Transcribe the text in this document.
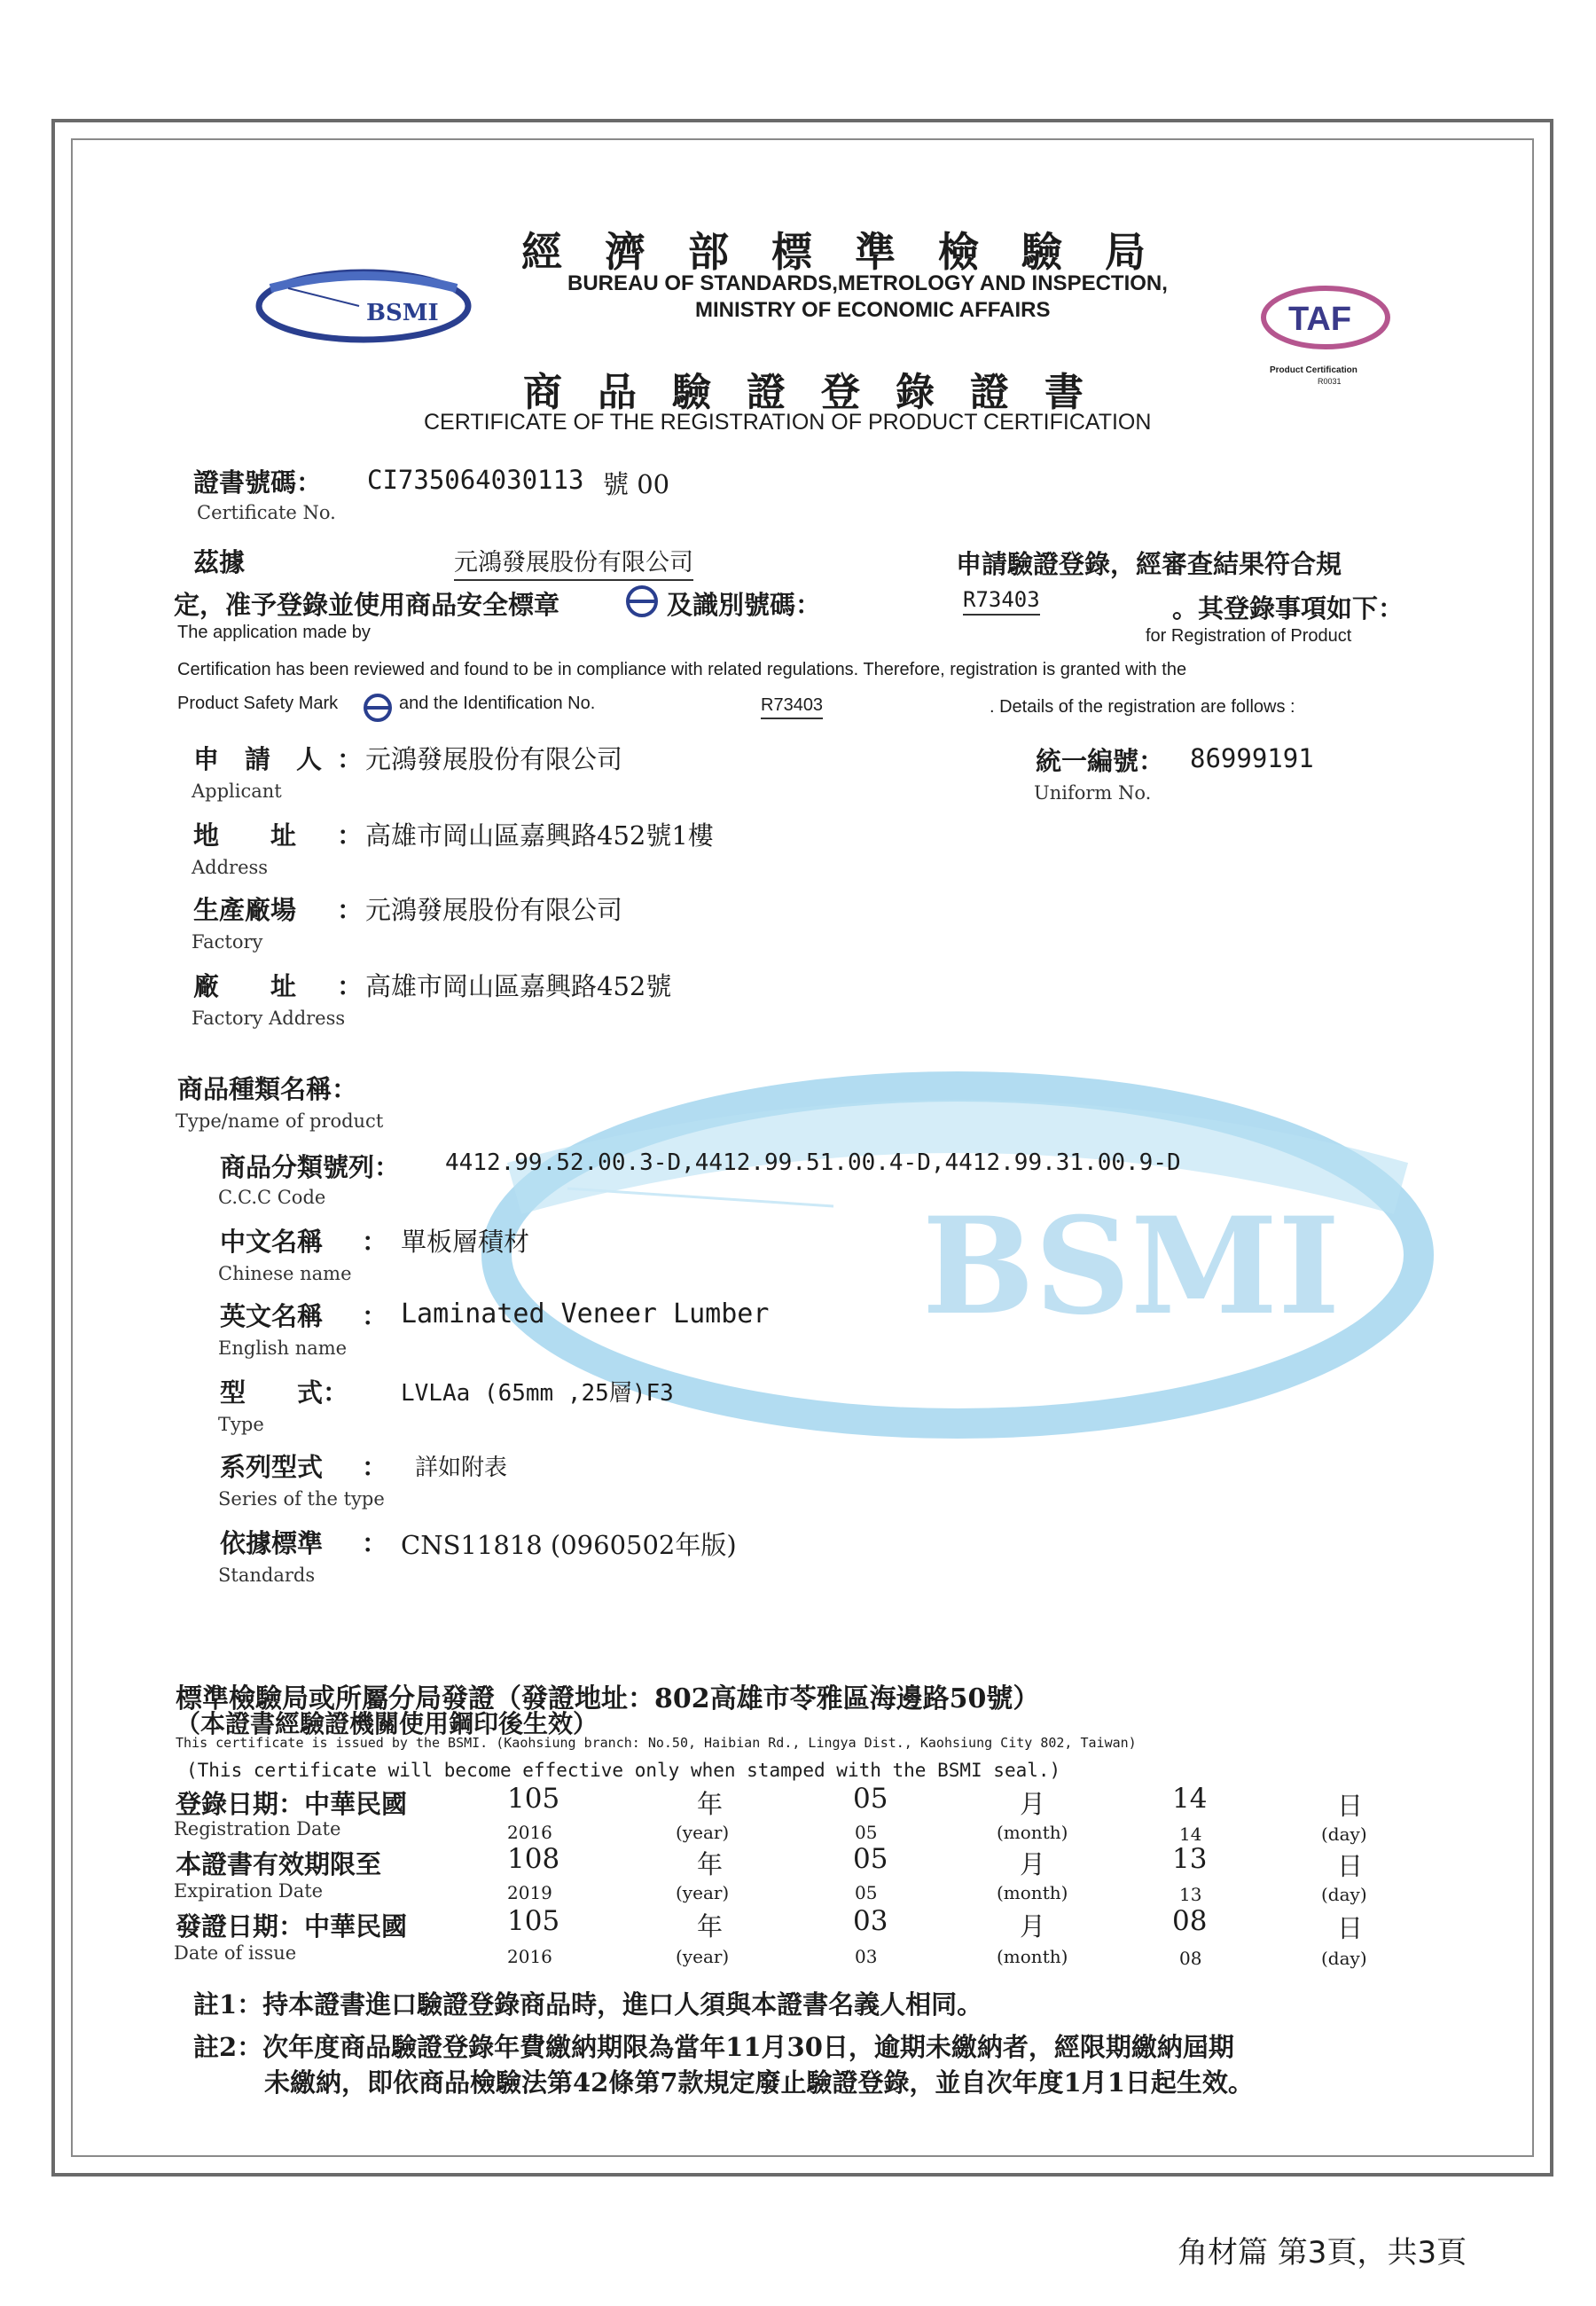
BSMI
BSMI	TAF
Product Certification
R0031
經濟部標準檢驗局
BUREAU OF STANDARDS,METROLOGY AND INSPECTION,
MINISTRY OF ECONOMIC AFFAIRS
商品驗證登錄證書
CERTIFICATE OF THE REGISTRATION OF PRODUCT CERTIFICATION
證書號碼： CI735064030113 號 00
Certificate No.
茲據	元鴻發展股份有限公司	申請驗證登錄，經審查結果符合規
定，准予登錄並使用商品安全標章	及識別號碼：	R73403	。其登錄事項如下：
The application made by	for Registration of Product
Certification has been reviewed and found to be in compliance with related regulations. Therefore, registration is granted with the
Product Safety Mark	and the Identification No.	R73403	. Details of the registration are follows :
申　請　人 ： 元鴻發展股份有限公司
Applicant
統一編號： 86999191
Uniform No.
地　　址 ： 高雄市岡山區嘉興路452號1樓
Address
生產廠場 ： 元鴻發展股份有限公司
Factory
廠　　址 ： 高雄市岡山區嘉興路452號
Factory Address
商品種類名稱：
Type/name of product
商品分類號列： 4412.99.52.00.3-D,4412.99.51.00.4-D,4412.99.31.00.9-D
C.C.C Code
中文名稱 ： 單板層積材
Chinese name
英文名稱 ： Laminated Veneer Lumber
English name
型　　式： LVLAa (65mm ,25層)F3
Type
系列型式 ： 詳如附表
Series of the type
依據標準 ： CNS11818 (0960502年版)
Standards
標準檢驗局或所屬分局發證（發證地址：802高雄市苓雅區海邊路50號）
（本證書經驗證機關使用鋼印後生效）
This certificate is issued by the BSMI. (Kaohsiung branch: No.50, Haibian Rd., Lingya Dist., Kaohsiung City 802, Taiwan)
(This certificate will become effective only when stamped with the BSMI seal.)
登錄日期：中華民國	105	年	05	月	14	日
Registration Date	2016	(year)	05	(month)	14	(day)
本證書有效期限至	108	年	05	月	13	日
Expiration Date	2019	(year)	05	(month)	13	(day)
發證日期：中華民國	105	年	03	月	08	日
Date of issue	2016	(year)	03	(month)	08	(day)
註1：持本證書進口驗證登錄商品時，進口人須與本證書名義人相同。
註2：次年度商品驗證登錄年費繳納期限為當年11月30日，逾期未繳納者，經限期繳納屆期
未繳納，即依商品檢驗法第42條第7款規定廢止驗證登錄，並自次年度1月1日起生效。
角材篇 第3頁，共3頁
